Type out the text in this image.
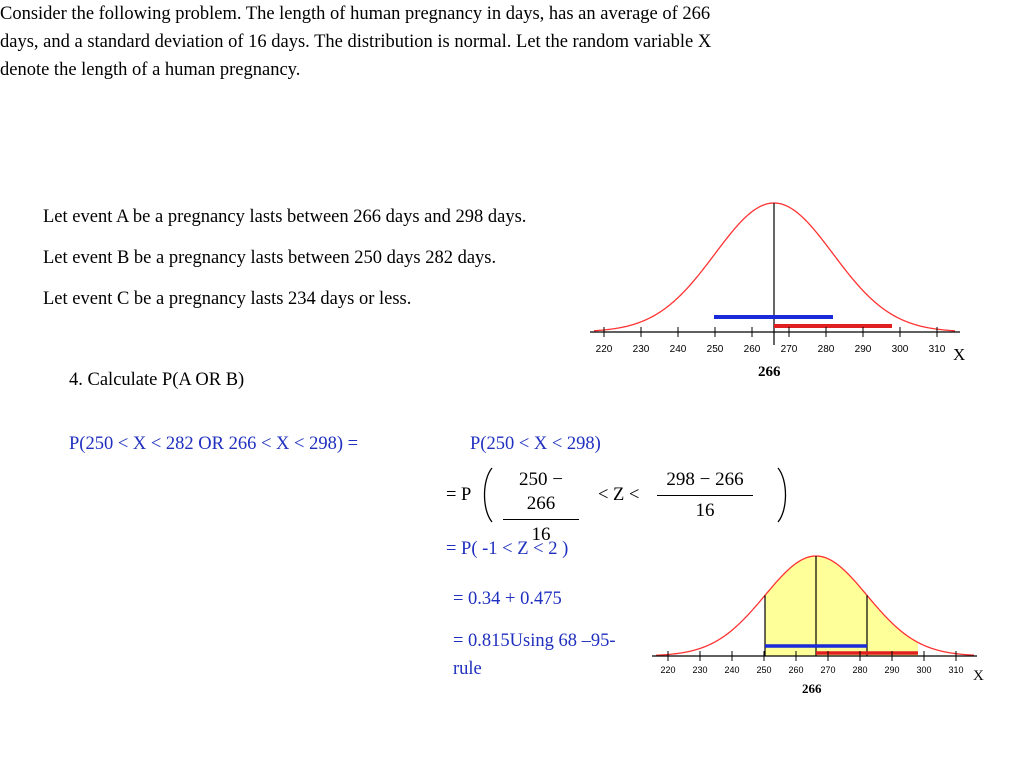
Consider the following problem. The length of human pregnancy in days, has an average of 266
days, and a standard deviation of 16 days. The distribution is normal. Let the random variable X
denote the length of a human pregnancy.
Let event A be a pregnancy lasts between 266 days and 298 days.
Let event B be a pregnancy lasts between 250 days 282 days.
Let event C be a pregnancy lasts 234 days or less.
4. Calculate P(A OR B)
P(250 < X < 282 OR 266 < X < 298) =	P(250 < X < 298)
= P $\frac{250 - 266}{16} < Z < \frac{298 - 266}{16}$
= P( -1 < Z < 2 )
= 0.34 + 0.475
= 0.815Using 68 –95-
rule
220 230 240 250 260 270 280 290 300 310 X
266
220 230 240 250 260 270 280 290 300 310 X
266
